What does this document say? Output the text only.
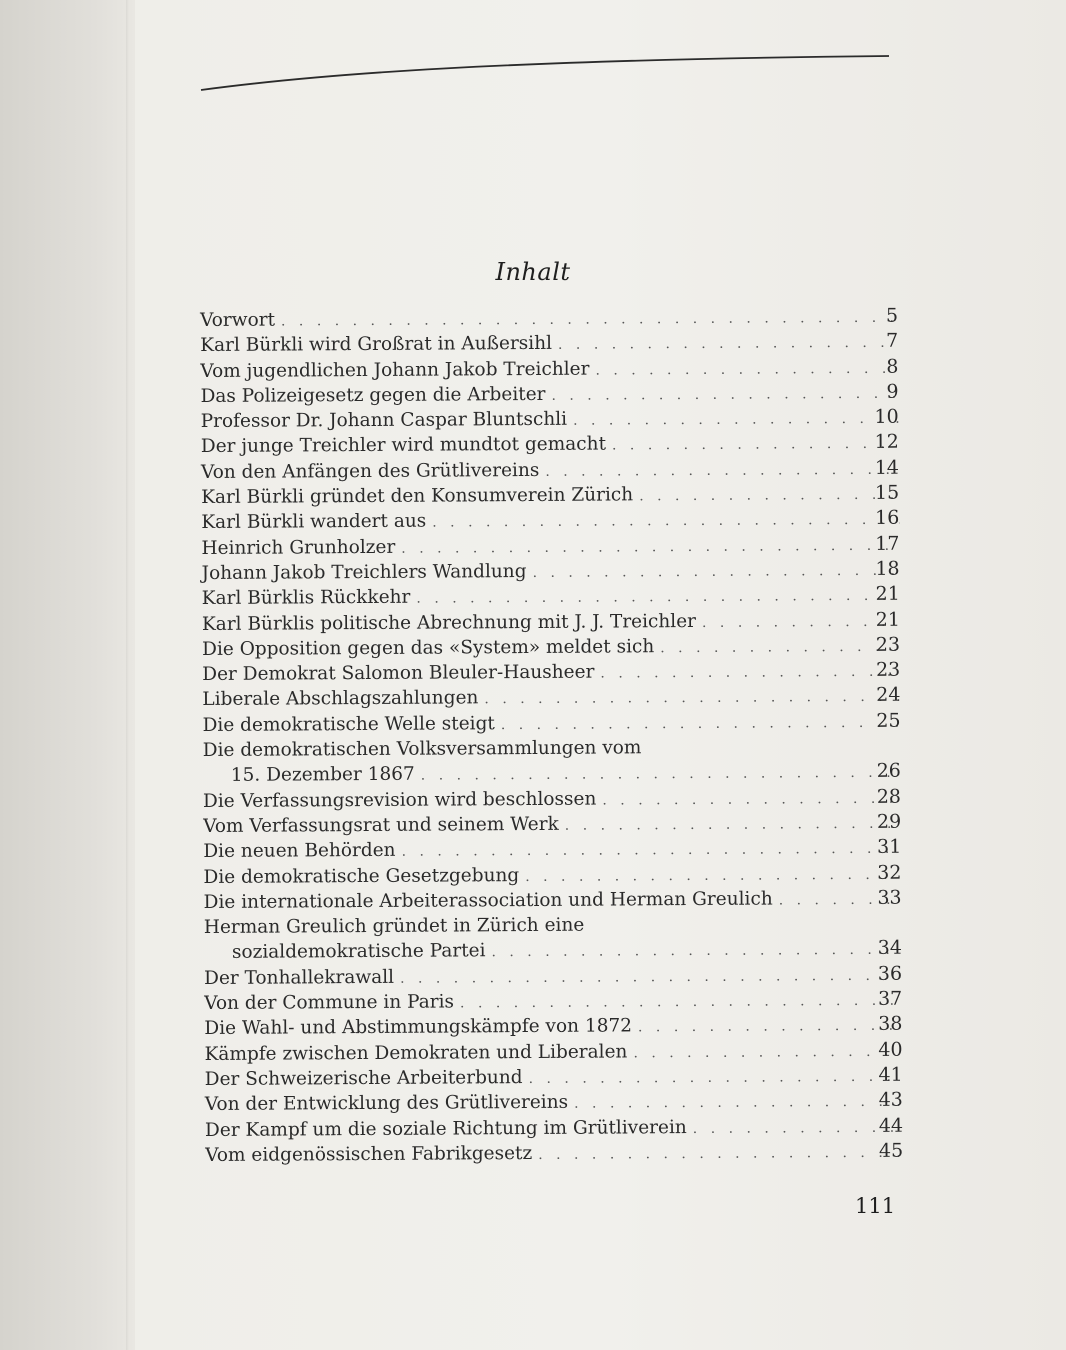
Inhalt
Vorwort . . .	5
Karl Bürkli wird Großrat in Außersihl . . .	7
Vom jugendlichen Johann Jakob Treichler . . .	8
Das Polizeigesetz gegen die Arbeiter . . .	9
Professor Dr. Johann Caspar Bluntschli . . .	10
Der junge Treichler wird mundtot gemacht . . .	12
Von den Anfängen des Grütlivereins . . .	14
Karl Bürkli gründet den Konsumverein Zürich . . .	15
Karl Bürkli wandert aus . . .	16
Heinrich Grunholzer . . .	17
Johann Jakob Treichlers Wandlung . . .	18
Karl Bürklis Rückkehr . . .	21
Karl Bürklis politische Abrechnung mit J. J. Treichler . . .	21
Die Opposition gegen das «System» meldet sich . . .	23
Der Demokrat Salomon Bleuler-Hausheer . . .	23
Liberale Abschlagszahlungen . . .	24
Die demokratische Welle steigt . . .	25
Die demokratischen Volksversammlungen vom
15. Dezember 1867 . . .	26
Die Verfassungsrevision wird beschlossen . . .	28
Vom Verfassungsrat und seinem Werk . . .	29
Die neuen Behörden . . .	31
Die demokratische Gesetzgebung . . .	32
Die internationale Arbeiterassociation und Herman Greulich . . .	33
Herman Greulich gründet in Zürich eine
sozialdemokratische Partei . . .	34
Der Tonhallekrawall . . .	36
Von der Commune in Paris . . .	37
Die Wahl- und Abstimmungskämpfe von 1872 . . .	38
Kämpfe zwischen Demokraten und Liberalen . . .	40
Der Schweizerische Arbeiterbund . . .	41
Von der Entwicklung des Grütlivereins . . .	43
Der Kampf um die soziale Richtung im Grütliverein . . .	44
Vom eidgenössischen Fabrikgesetz . . .	45
111
